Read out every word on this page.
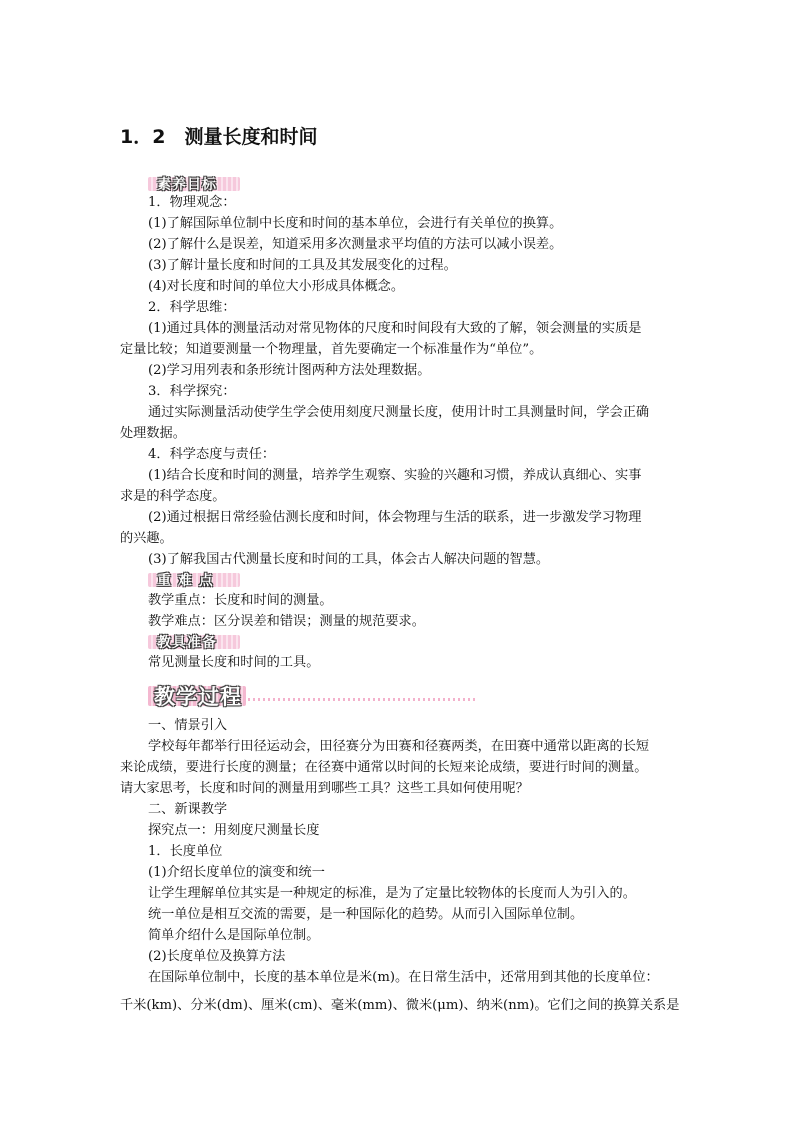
1．2　测量长度和时间
素养目标
1．物理观念：
(1)了解国际单位制中长度和时间的基本单位，会进行有关单位的换算。
(2)了解什么是误差，知道采用多次测量求平均值的方法可以减小误差。
(3)了解计量长度和时间的工具及其发展变化的过程。
(4)对长度和时间的单位大小形成具体概念。
2．科学思维：
(1)通过具体的测量活动对常见物体的尺度和时间段有大致的了解，领会测量的实质是
定量比较；知道要测量一个物理量，首先要确定一个标准量作为“单位”。
(2)学习用列表和条形统计图两种方法处理数据。
3．科学探究：
通过实际测量活动使学生学会使用刻度尺测量长度，使用计时工具测量时间，学会正确
处理数据。
4．科学态度与责任：
(1)结合长度和时间的测量，培养学生观察、实验的兴趣和习惯，养成认真细心、实事
求是的科学态度。
(2)通过根据日常经验估测长度和时间，体会物理与生活的联系，进一步激发学习物理
的兴趣。
(3)了解我国古代测量长度和时间的工具，体会古人解决问题的智慧。
重 难 点
教学重点：长度和时间的测量。
教学难点：区分误差和错误；测量的规范要求。
教具准备
常见测量长度和时间的工具。
教学过程
一、情景引入
学校每年都举行田径运动会，田径赛分为田赛和径赛两类，在田赛中通常以距离的长短
来论成绩，要进行长度的测量；在径赛中通常以时间的长短来论成绩，要进行时间的测量。
请大家思考，长度和时间的测量用到哪些工具？这些工具如何使用呢？
二、新课教学
探究点一：用刻度尺测量长度
1．长度单位
(1)介绍长度单位的演变和统一
让学生理解单位其实是一种规定的标准，是为了定量比较物体的长度而人为引入的。
统一单位是相互交流的需要，是一种国际化的趋势。从而引入国际单位制。
简单介绍什么是国际单位制。
(2)长度单位及换算方法
在国际单位制中，长度的基本单位是米(m)。在日常生活中，还常用到其他的长度单位：
千米(km)、分米(dm)、厘米(cm)、毫米(mm)、微米(μm)、纳米(nm)。它们之间的换算关系是
